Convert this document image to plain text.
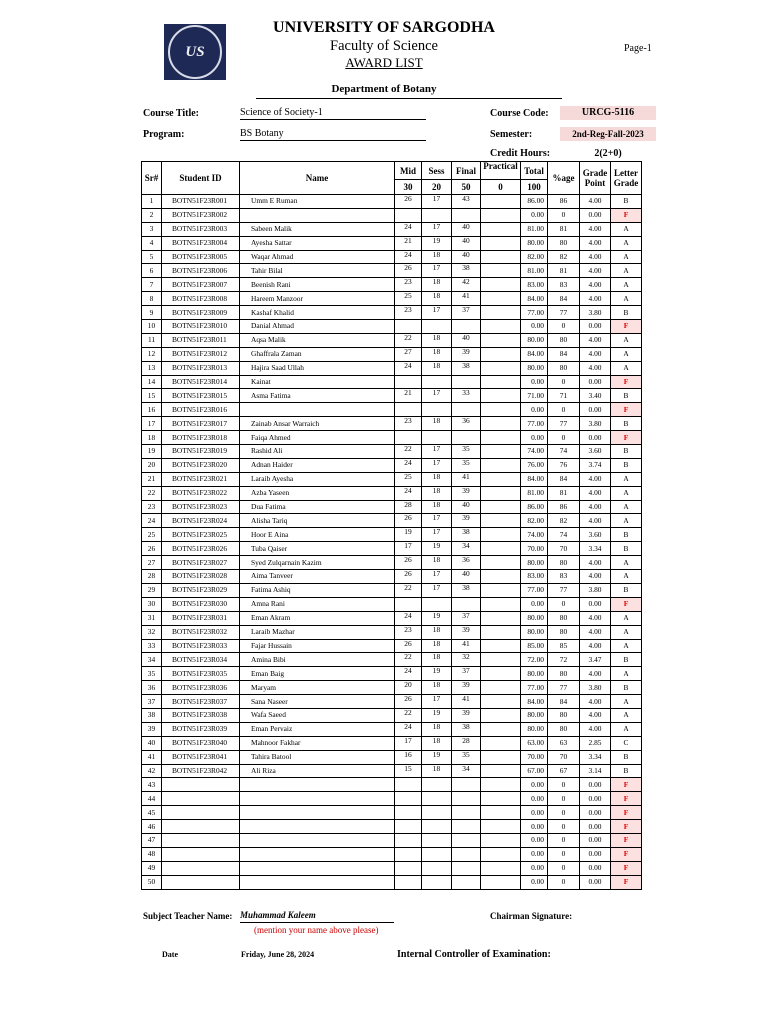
US
UNIVERSITY OF SARGODHA
Faculty of Science
AWARD LIST
Page-1
Department of Botany
Course Title:	Science of Society-1
Program:	BS Botany
Course Code:	URCG-5116
Semester:	2nd-Reg-Fall-2023
Credit Hours:	2(2+0)
Sr#	Student ID	Name	Mid	Sess	Final	Practical	Total	%age	Grade Point	Letter Grade
			30	20	50	0	100			
1	BOTN51F23R001	Umm E Ruman	26	17	43		86.00	86	4.00	B
2	BOTN51F23R002						0.00	0	0.00	F
3	BOTN51F23R003	Sabeen Malik	24	17	40		81.00	81	4.00	A
4	BOTN51F23R004	Ayesha Sattar	21	19	40		80.00	80	4.00	A
5	BOTN51F23R005	Waqar Ahmad	24	18	40		82.00	82	4.00	A
6	BOTN51F23R006	Tahir Bilal	26	17	38		81.00	81	4.00	A
7	BOTN51F23R007	Beenish Rani	23	18	42		83.00	83	4.00	A
8	BOTN51F23R008	Hareem Manzoor	25	18	41		84.00	84	4.00	A
9	BOTN51F23R009	Kashaf Khalid	23	17	37		77.00	77	3.80	B
10	BOTN51F23R010	Danial Ahmad					0.00	0	0.00	F
11	BOTN51F23R011	Aqsa Malik	22	18	40		80.00	80	4.00	A
12	BOTN51F23R012	Ghaffrala Zaman	27	18	39		84.00	84	4.00	A
13	BOTN51F23R013	Hajira Saad Ullah	24	18	38		80.00	80	4.00	A
14	BOTN51F23R014	Kainat					0.00	0	0.00	F
15	BOTN51F23R015	Asma Fatima	21	17	33		71.00	71	3.40	B
16	BOTN51F23R016						0.00	0	0.00	F
17	BOTN51F23R017	Zainab Ansar Warraich	23	18	36		77.00	77	3.80	B
18	BOTN51F23R018	Faiqa Ahmed					0.00	0	0.00	F
19	BOTN51F23R019	Rashid Ali	22	17	35		74.00	74	3.60	B
20	BOTN51F23R020	Adnan Haider	24	17	35		76.00	76	3.74	B
21	BOTN51F23R021	Laraib Ayesha	25	18	41		84.00	84	4.00	A
22	BOTN51F23R022	Azba Yaseen	24	18	39		81.00	81	4.00	A
23	BOTN51F23R023	Dua Fatima	28	18	40		86.00	86	4.00	A
24	BOTN51F23R024	Alisha Tariq	26	17	39		82.00	82	4.00	A
25	BOTN51F23R025	Hoor E Aina	19	17	38		74.00	74	3.60	B
26	BOTN51F23R026	Tuba Qaiser	17	19	34		70.00	70	3.34	B
27	BOTN51F23R027	Syed Zulqarnain Kazim	26	18	36		80.00	80	4.00	A
28	BOTN51F23R028	Aima Tanveer	26	17	40		83.00	83	4.00	A
29	BOTN51F23R029	Fatima Ashiq	22	17	38		77.00	77	3.80	B
30	BOTN51F23R030	Amna Rani					0.00	0	0.00	F
31	BOTN51F23R031	Eman Akram	24	19	37		80.00	80	4.00	A
32	BOTN51F23R032	Laraib Mazhar	23	18	39		80.00	80	4.00	A
33	BOTN51F23R033	Fajar Hussain	26	18	41		85.00	85	4.00	A
34	BOTN51F23R034	Amina Bibi	22	18	32		72.00	72	3.47	B
35	BOTN51F23R035	Eman Baig	24	19	37		80.00	80	4.00	A
36	BOTN51F23R036	Maryam	20	18	39		77.00	77	3.80	B
37	BOTN51F23R037	Sana Naseer	26	17	41		84.00	84	4.00	A
38	BOTN51F23R038	Wafa Saeed	22	19	39		80.00	80	4.00	A
39	BOTN51F23R039	Eman Pervaiz	24	18	38		80.00	80	4.00	A
40	BOTN51F23R040	Mahnoor Fakhar	17	18	28		63.00	63	2.85	C
41	BOTN51F23R041	Tahira Batool	16	19	35		70.00	70	3.34	B
42	BOTN51F23R042	Ali Riza	15	18	34		67.00	67	3.14	B
43							0.00	0	0.00	F
44							0.00	0	0.00	F
45							0.00	0	0.00	F
46							0.00	0	0.00	F
47							0.00	0	0.00	F
48							0.00	0	0.00	F
49							0.00	0	0.00	F
50							0.00	0	0.00	F
Subject Teacher Name: Muhammad Kaleem
(mention your name above please)
Chairman Signature:
Date	Friday, June 28, 2024	Internal Controller of Examination:
